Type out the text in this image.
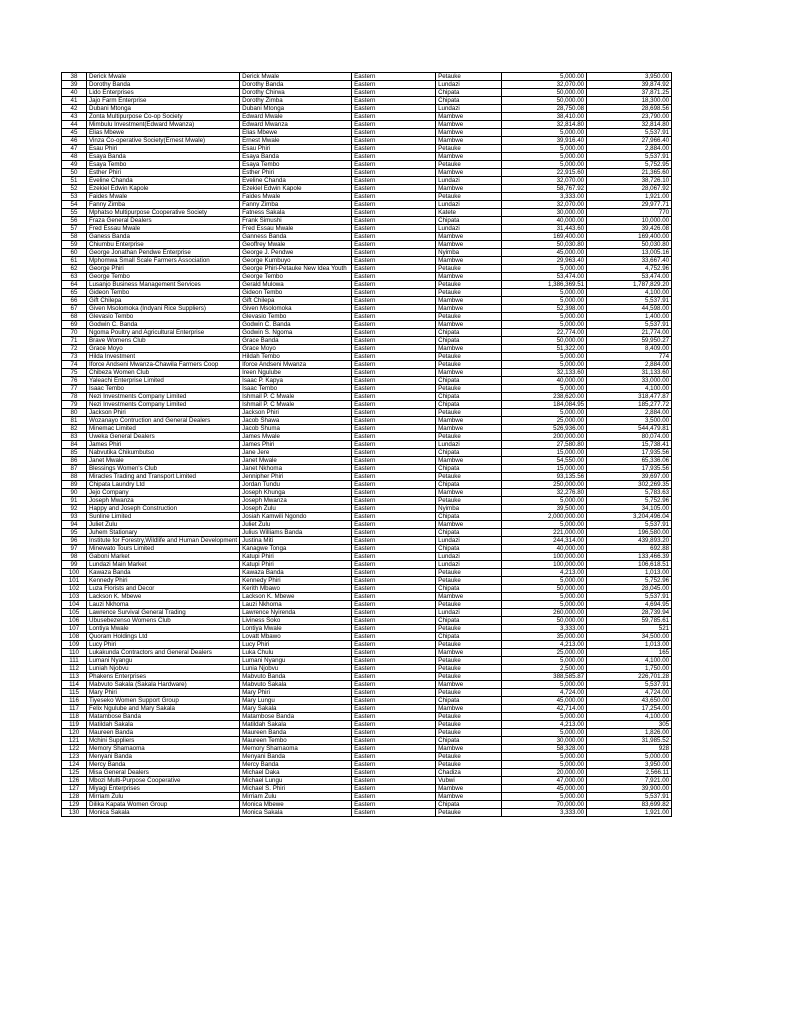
38	Derick Mwale	Derick Mwale	Eastern	Petauke	5,000.00	3,950.00
39	Dorothy Banda	Dorothy Banda	Eastern	Lundazi	32,070.00	39,874.92
40	Lido Enterprises	Dorothy Chirwa	Eastern	Chipata	50,000.00	37,871.25
41	Jajo Farm Enterprise	Dorothy Zimba	Eastern	Chipata	50,000.00	18,300.00
42	Dubani Mtonga	Dubani Mtonga	Eastern	Lundazi	28,750.08	28,698.56
43	Zonta Multipurpose Co-op Society	Edward Mwale	Eastern	Mambwe	38,410.00	23,790.00
44	Mimbulu Investment(Edward Mwanza)	Edward Mwanza	Eastern	Mambwe	32,814.80	32,814.80
45	Elias Mbewe	Elias Mbewe	Eastern	Mambwe	5,000.00	5,537.91
46	Vinza Co-operative Society(Ernest Mwale)	Ernest Mwale	Eastern	Mambwe	39,916.40	27,966.40
47	Esau Phiri	Esau Phiri	Eastern	Petauke	5,000.00	2,884.00
48	Esaya Banda	Esaya Banda	Eastern	Mambwe	5,000.00	5,537.91
49	Esaya Tembo	Esaya Tembo	Eastern	Petauke	5,000.00	5,752.95
50	Esther Phiri	Esther Phiri	Eastern	Mambwe	22,915.60	21,365.60
51	Eveline Chanda	Eveline Chanda	Eastern	Lundazi	32,070.00	38,726.10
52	Ezekiel Edwin Kapole	Ezekiel Edwin Kapole	Eastern	Mambwe	58,767.92	28,067.92
53	Faides Mwale	Faides Mwale	Eastern	Petauke	3,333.00	1,921.00
54	Fanny Zimba	Fanny Zimba	Eastern	Lundazi	32,070.00	29,977.71
55	Mphatso Multipurpose Cooperative Society	Fatness Sakala	Eastern	Katete	30,000.00	770
56	Fraza General Dealers	Frank Simushi	Eastern	Chipata	40,000.00	10,000.00
57	Fred Essau Mwale	Fred Essau Mwale	Eastern	Lundazi	31,443.60	39,426.08
58	Ganess Banda	Ganness Banda	Eastern	Mambwe	169,400.00	169,400.00
59	Chiumbu Enterprise	Geoffrey Mwale	Eastern	Mambwe	50,030.80	50,030.80
60	George Jonathan Pendwe Enterprise	George J. Pendwe	Eastern	Nyimba	45,000.00	13,005.16
61	Mphomwa Small Scale Farmers Association	George Kumbuyo	Eastern	Mambwe	29,963.40	33,667.40
62	George Phiri	George Phiri-Petauke New Idea Youth	Eastern	Petauke	5,000.00	4,752.96
63	George Tembo	George Tembo	Eastern	Mambwe	53,474.00	53,474.00
64	Lusanjo Business Management Services	Gerald Mulowa	Eastern	Petauke	1,386,369.51	1,787,829.20
65	Gideon Tembo	Gideon Tembo	Eastern	Petauke	5,000.00	4,100.00
66	Gift Chilepa	Gift Chilepa	Eastern	Mambwe	5,000.00	5,537.91
67	Given Msolomoka (Indyani Rice Suppliers)	Given Msolomoka	Eastern	Mambwe	52,398.00	44,598.00
68	Glevasio Tembo	Glevasio Tembo	Eastern	Petauke	5,000.00	1,400.00
69	Godwin C. Banda	Godwin C. Banda	Eastern	Mambwe	5,000.00	5,537.91
70	Ngoma Poultry and Agricultural Enterprise	Godwin S. Ngoma	Eastern	Chipata	22,774.00	21,774.00
71	Brave Womens Club	Grace Banda	Eastern	Chipata	50,000.00	59,950.27
72	Grace Moyo	Grace Moyo	Eastern	Mambwe	51,322.00	8,409.00
73	Hilda Investment	Hildah Tembo	Eastern	Petauke	5,000.00	774
74	Iforce Andseni Mwanza-Chawila Farmers Coop	Iforce Andseni Mwanza	Eastern	Petauke	5,000.00	2,884.00
75	Chibeza Women Club	Ireen Ngulube	Eastern	Mambwe	32,133.60	31,133.60
76	Yaleachi Enterprise Limited	Isaac P. Kapya	Eastern	Chipata	40,000.00	33,000.00
77	Isaac Tembo	Isaac Tembo	Eastern	Petauke	5,000.00	4,100.00
78	Nezi Investments Company Limited	Ishmail P. C Mwale	Eastern	Chipata	238,620.00	318,477.87
79	Nezi Investments Company Limited	Ishmail P. C Mwale	Eastern	Chipata	184,084.95	185,277.72
80	Jackson Phiri	Jackson Phiri	Eastern	Petauke	5,000.00	2,884.00
81	Wozanayo Contruction and General Dealers	Jacob Shawa	Eastern	Mambwe	25,000.00	3,500.00
82	Minemac Limited	Jacob Shuma	Eastern	Mambwe	526,936.00	544,479.81
83	Uweka General Dealers	James Mwale	Eastern	Petauke	200,000.00	80,074.00
84	James Phiri	James Phiri	Eastern	Lundazi	27,580.80	15,738.41
85	Nabvutika Chikumbutso	Jane Jere	Eastern	Chipata	15,000.00	17,935.56
86	Janet Mwale	Janet Mwale	Eastern	Mambwe	54,550.00	65,336.06
87	Blessings Women's Club	Janet Nkhoma	Eastern	Chipata	15,000.00	17,935.56
88	Miracles Trading and Transport Limited	Jennipher Phiri	Eastern	Petauke	93,135.56	39,697.00
89	Chipata Laundry Ltd	Jordan Tundu	Eastern	Chipata	250,000.00	302,269.35
90	Jejo Company	Joseph Khunga	Eastern	Mambwe	32,276.80	5,783.63
91	Joseph Mwanza	Joseph Mwanza	Eastern	Petauke	5,000.00	5,752.96
92	Happy and Joseph Construction	Joseph Zulu	Eastern	Nyimba	39,500.00	34,105.00
93	Sunline Limited	Josiah Kamwili Ngondo	Eastern	Chipata	2,000,000.00	3,204,496.04
94	Juliet Zulu	Juliet Zulu	Eastern	Mambwe	5,000.00	5,537.91
95	Juhem Stationary	Julius Williams Banda	Eastern	Chipata	221,000.00	196,580.00
96	Institute for Forestry,Wildlife and Human Development	Justina Miti	Eastern	Lundazi	244,314.00	439,893.20
97	Minewato Tours Limited	Kanagwe Tonga	Eastern	Chipata	40,000.00	692.88
98	Gaboni Market	Katupi Phiri	Eastern	Lundazi	100,000.00	133,466.39
99	Lundazi Main Market	Katupi Phiri	Eastern	Lundazi	100,000.00	106,618.51
100	Kawaza Banda	Kawaza Banda	Eastern	Petauke	4,213.00	1,013.00
101	Kennedy Phiri	Kennedy Phiri	Eastern	Petauke	5,000.00	5,752.96
102	Luza Florists and Decor	Kerith Mbawo	Eastern	Chipata	50,000.00	28,045.00
103	Lackson K. Mbewe	Lackson K. Mbewe	Eastern	Mambwe	5,000.00	5,537.91
104	Lauzi Nkhoma	Lauzi Nkhoma	Eastern	Petauke	5,000.00	4,694.95
105	Lawrence Survival General Trading	Lawrence Nyirenda	Eastern	Lundazi	260,000.00	28,739.94
106	Ubusebezenso Womens Club	Liviness Soko	Eastern	Chipata	50,000.00	59,785.61
107	Lontiya Mwale	Lontiya Mwale	Eastern	Petauke	3,333.00	521
108	Quoram Holdings Ltd	Lovatt Mbawo	Eastern	Chipata	35,000.00	34,500.00
109	Lucy Phiri	Lucy Phiri	Eastern	Petauke	4,213.00	1,013.00
110	Lukakunda Contractors and General Dealers	Luka Chulu	Eastern	Mambwe	25,000.00	165
111	Lumani Nyangu	Lumani Nyangu	Eastern	Petauke	5,000.00	4,100.00
112	Luniah Njobvu	Lunia Njobvu	Eastern	Petauke	2,500.00	1,750.00
113	Phakens Enterprises	Mabvuto Banda	Eastern	Petauke	388,585.87	226,701.28
114	Mabvuto Sakala (Sakala Hardware)	Mabvuto Sakala	Eastern	Mambwe	5,000.00	5,537.91
115	Mary Phiri	Mary Phiri	Eastern	Petauke	4,724.00	4,724.00
116	Tiyeseko Women Support Group	Mary Lungu	Eastern	Chipata	45,000.00	43,650.00
117	Felix Ngulube and Mary Sakala	Mary Sakala	Eastern	Mambwe	42,714.00	17,254.00
118	Matambose Banda	Matambose Banda	Eastern	Petauke	5,000.00	4,100.00
119	Matildah Sakala	Matildah Sakala	Eastern	Petauke	4,213.00	305
120	Maureen Banda	Maureen Banda	Eastern	Petauke	5,000.00	1,826.00
121	Mchini Suppliers	Maureen Tembo	Eastern	Chipata	30,000.00	31,985.52
122	Memory Shamaoma	Memory Shamaoma	Eastern	Mambwe	58,328.00	928
123	Menyani Banda	Menyani Banda	Eastern	Petauke	5,000.00	5,000.00
124	Mercy Banda	Mercy Banda	Eastern	Petauke	5,000.00	3,950.00
125	Misa General Dealers	Michael Daka	Eastern	Chadiza	20,000.00	2,566.11
126	Mbozi Multi-Purpose Cooperative	Michael Lungu	Eastern	Vubwi	47,000.00	7,921.00
127	Miyagi Enterprises	Michael S. Phiri	Eastern	Mambwe	45,000.00	39,900.00
128	Mirriam Zulu	Mirriam Zulu	Eastern	Mambwe	5,000.00	5,537.91
129	Dilika Kapata Women Group	Monica Mbewe	Eastern	Chipata	70,000.00	83,699.82
130	Monica Sakala	Monica Sakala	Eastern	Petauke	3,333.00	1,921.00
